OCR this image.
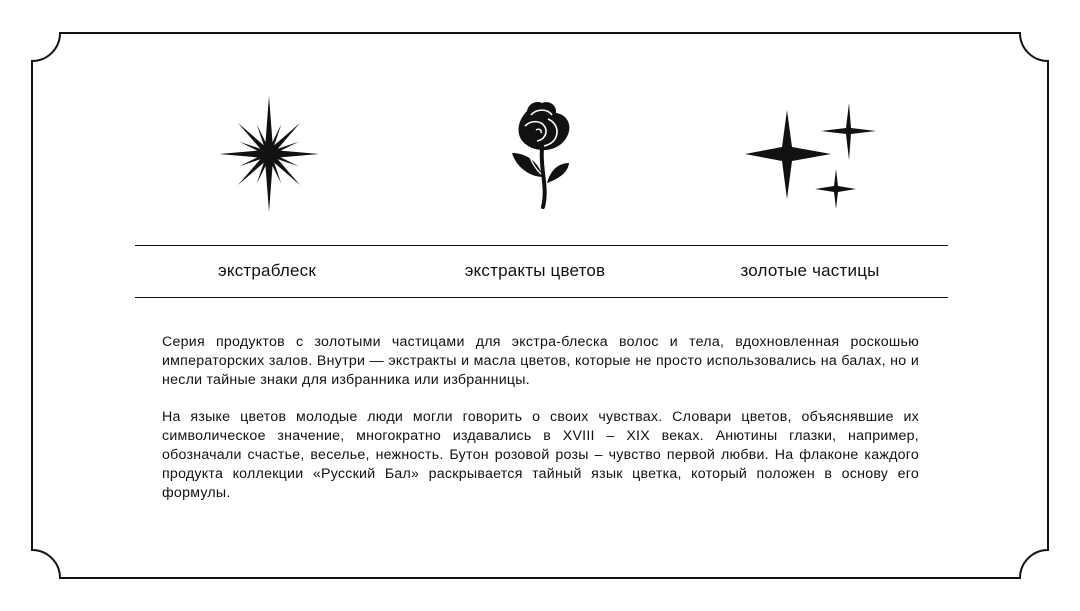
экстраблеск	экстракты цветов	золотые частицы

Серия продуктов с золотыми частицами для экстра-блеска волос и тела, вдохновленная роскошью императорских залов. Внутри — экстракты и масла цветов, которые не просто использовались на балах, но и несли тайные знаки для избранника или избранницы.

На языке цветов молодые люди могли говорить о своих чувствах. Словари цветов, объяснявшие их символическое значение, многократно издавались в XVIII – XIX веках. Анютины глазки, например, обозначали счастье, веселье, нежность. Бутон розовой розы – чувство первой любви. На флаконе каждого продукта коллекции «Русский Бал» раскрывается тайный язык цветка, который положен в основу его формулы.
